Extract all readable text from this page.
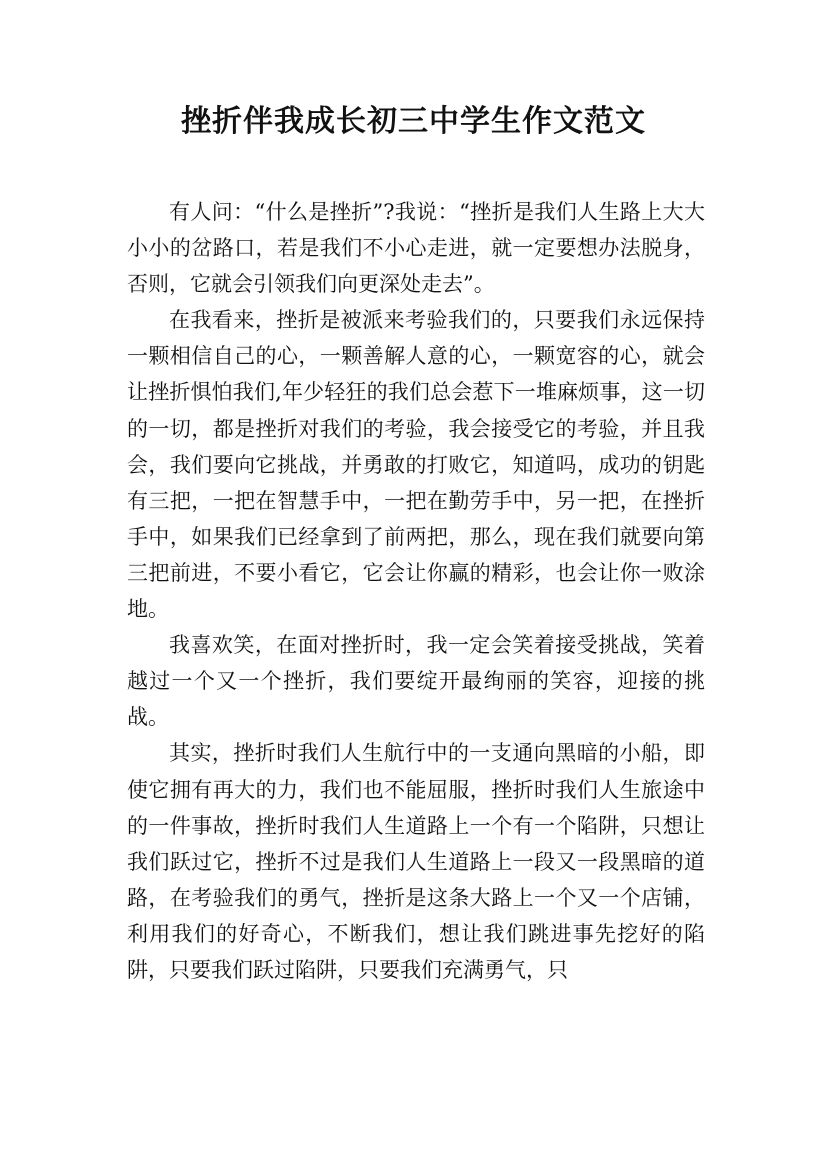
挫折伴我成长初三中学生作文范文

有人问：“什么是挫折”?我说：“挫折是我们人生路上大大小小的岔路口，若是我们不小心走进，就一定要想办法脱身，否则，它就会引领我们向更深处走去”。

在我看来，挫折是被派来考验我们的，只要我们永远保持一颗相信自己的心，一颗善解人意的心，一颗宽容的心，就会让挫折惧怕我们,年少轻狂的我们总会惹下一堆麻烦事，这一切的一切，都是挫折对我们的考验，我会接受它的考验，并且我会，我们要向它挑战，并勇敢的打败它，知道吗，成功的钥匙有三把，一把在智慧手中，一把在勤劳手中，另一把，在挫折手中，如果我们已经拿到了前两把，那么，现在我们就要向第三把前进，不要小看它，它会让你赢的精彩，也会让你一败涂地。

我喜欢笑，在面对挫折时，我一定会笑着接受挑战，笑着越过一个又一个挫折，我们要绽开最绚丽的笑容，迎接的挑战。

其实，挫折时我们人生航行中的一支通向黑暗的小船，即使它拥有再大的力，我们也不能屈服，挫折时我们人生旅途中的一件事故，挫折时我们人生道路上一个有一个陷阱，只想让我们跃过它，挫折不过是我们人生道路上一段又一段黑暗的道路，在考验我们的勇气，挫折是这条大路上一个又一个店铺，利用我们的好奇心，不断我们，想让我们跳进事先挖好的陷阱，只要我们跃过陷阱，只要我们充满勇气，只
